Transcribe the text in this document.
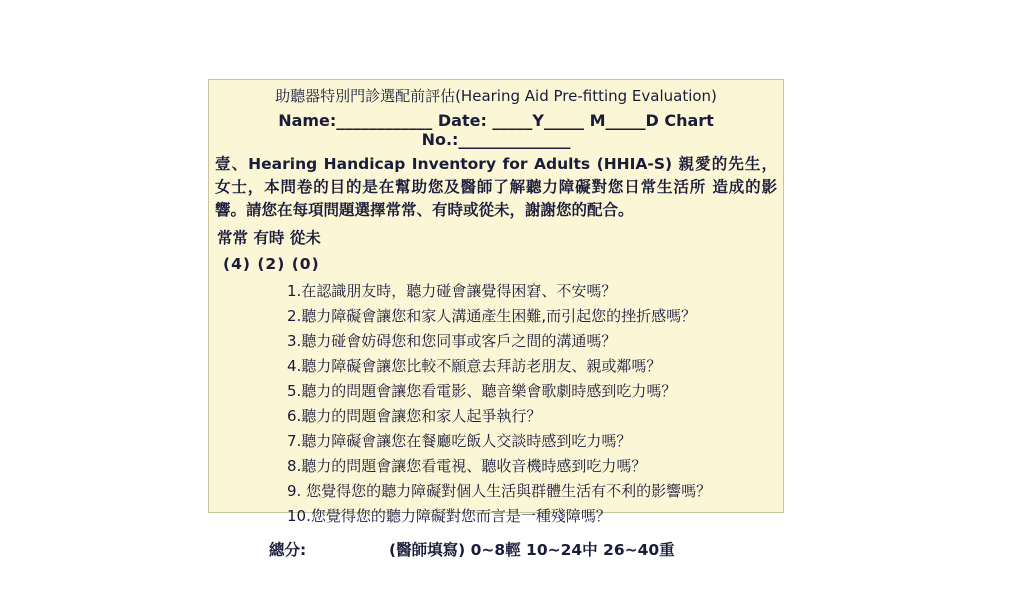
助聽器特別門診選配前評估(Hearing Aid Pre-fitting Evaluation)
Name:____________ Date: _____Y_____ M_____D Chart No.:______________
壹、Hearing Handicap Inventory for Adults (HHIA-S) 親愛的先生，女士，本問卷的目的是在幫助您及醫師了解聽力障礙對您日常生活所 造成的影響。請您在每項問題選擇常常、有時或從未，謝謝您的配合。
常常 有時 從未
(4) (2) (0)
1.在認識朋友時，聽力碰會讓覺得困窘、不安嗎？
2.聽力障礙會讓您和家人溝通產生困難,而引起您的挫折感嗎？
3.聽力碰會妨碍您和您同事或客戶之間的溝通嗎？
4.聽力障礙會讓您比較不願意去拜訪老朋友、親或鄰嗎？
5.聽力的問題會讓您看電影、聽音樂會歌劇時感到吃力嗎？
6.聽力的問題會讓您和家人起爭執行？
7.聽力障礙會讓您在餐廳吃飯人交談時感到吃力嗎？
8.聽力的問題會讓您看電視、聽收音機時感到吃力嗎？
9. 您覺得您的聽力障礙對個人生活與群體生活有不利的影響嗎？
10.您覺得您的聽力障礙對您而言是一種殘障嗎？
總分:	(醫師填寫) 0~8輕 10~24中 26~40重
